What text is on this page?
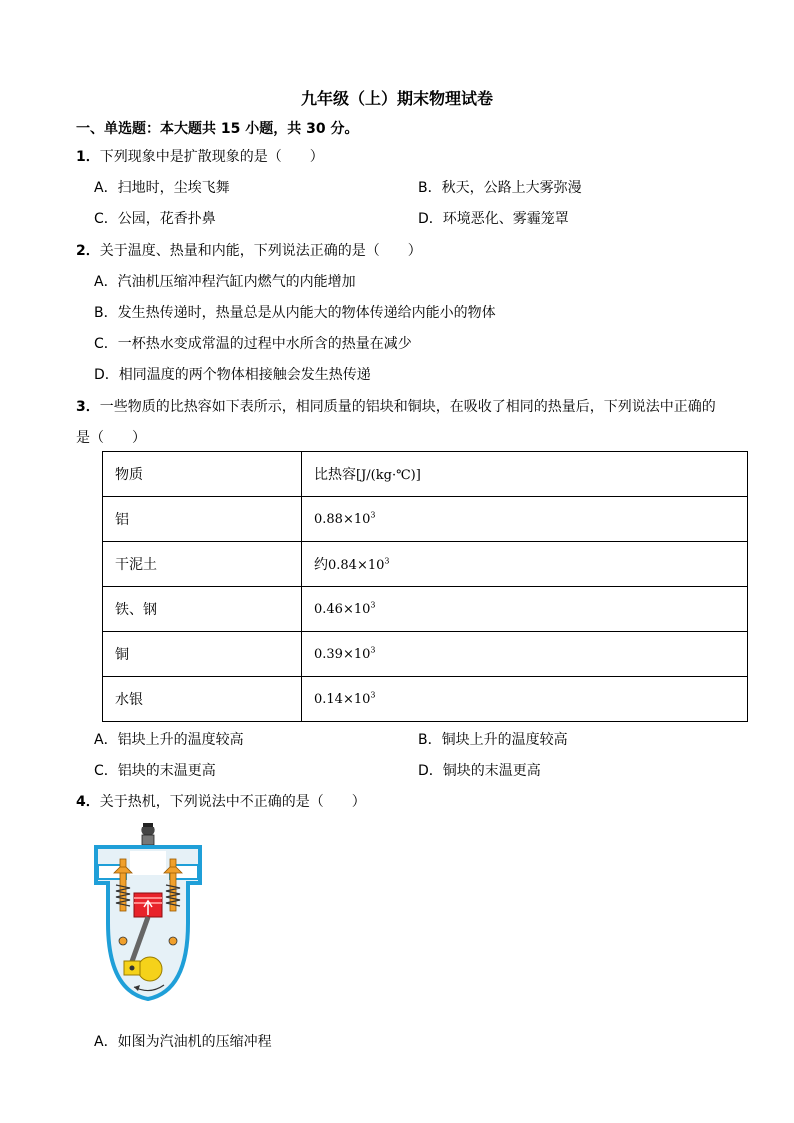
九年级（上）期末物理试卷
一、单选题：本大题共 15 小题，共 30 分。
1．下列现象中是扩散现象的是（　　）
A．扫地时，尘埃飞舞	B．秋天，公路上大雾弥漫
C．公园，花香扑鼻	D．环境恶化、雾霾笼罩
2．关于温度、热量和内能，下列说法正确的是（　　）
A．汽油机压缩冲程汽缸内燃气的内能增加
B．发生热传递时，热量总是从内能大的物体传递给内能小的物体
C．一杯热水变成常温的过程中水所含的热量在减少
D．相同温度的两个物体相接触会发生热传递
3．一些物质的比热容如下表所示，相同质量的铝块和铜块，在吸收了相同的热量后，下列说法中正确的
是（　　）
物质	比热容[J/(kg·℃)]
铝	$0.88\times 10^3$
干泥土	约$0.84\times 10^3$
铁、钢	$0.46\times 10^3$
铜	$0.39\times 10^3$
水银	$0.14\times 10^3$
A．铝块上升的温度较高	B．铜块上升的温度较高
C．铝块的末温更高	D．铜块的末温更高
4．关于热机，下列说法中不正确的是（　　）
A．如图为汽油机的压缩冲程
